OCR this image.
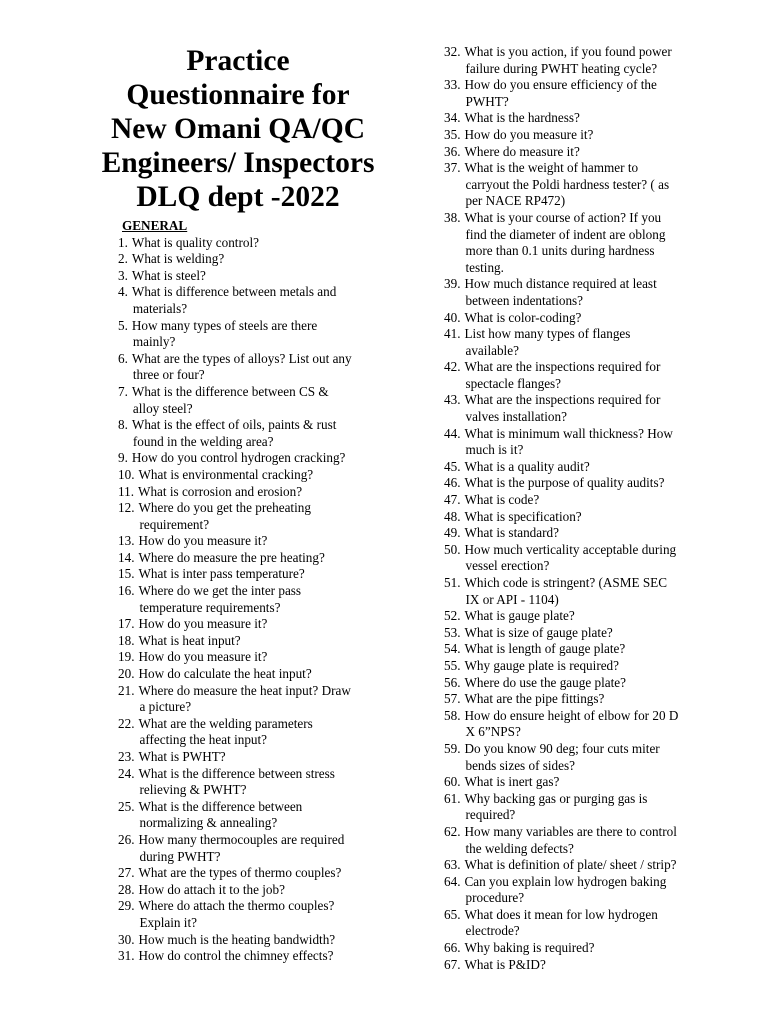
Practice
Questionnaire for
New Omani QA/QC
Engineers/ Inspectors
DLQ dept -2022
GENERAL
1. What is quality control?
2. What is welding?
3. What is steel?
4. What is difference between metals and
materials?
5. How many types of steels are there
mainly?
6. What are the types of alloys? List out any
three or four?
7. What is the difference between CS &
alloy steel?
8. What is the effect of oils, paints & rust
found in the welding area?
9. How do you control hydrogen cracking?
10. What is environmental cracking?
11. What is corrosion and erosion?
12. Where do you get the preheating
requirement?
13. How do you measure it?
14. Where do measure the pre heating?
15. What is inter pass temperature?
16. Where do we get the inter pass
temperature requirements?
17. How do you measure it?
18. What is heat input?
19. How do you measure it?
20. How do calculate the heat input?
21. Where do measure the heat input? Draw
a picture?
22. What are the welding parameters
affecting the heat input?
23. What is PWHT?
24. What is the difference between stress
relieving & PWHT?
25. What is the difference between
normalizing & annealing?
26. How many thermocouples are required
during PWHT?
27. What are the types of thermo couples?
28. How do attach it to the job?
29. Where do attach the thermo couples?
Explain it?
30. How much is the heating bandwidth?
31. How do control the chimney effects?
32. What is you action, if you found power
failure during PWHT heating cycle?
33. How do you ensure efficiency of the
PWHT?
34. What is the hardness?
35. How do you measure it?
36. Where do measure it?
37. What is the weight of hammer to
carryout the Poldi hardness tester? ( as
per NACE RP472)
38. What is your course of action? If you
find the diameter of indent are oblong
more than 0.1 units during hardness
testing.
39. How much distance required at least
between indentations?
40. What is color-coding?
41. List how many types of flanges
available?
42. What are the inspections required for
spectacle flanges?
43. What are the inspections required for
valves installation?
44. What is minimum wall thickness? How
much is it?
45. What is a quality audit?
46. What is the purpose of quality audits?
47. What is code?
48. What is specification?
49. What is standard?
50. How much verticality acceptable during
vessel erection?
51. Which code is stringent? (ASME SEC
IX or API - 1104)
52. What is gauge plate?
53. What is size of gauge plate?
54. What is length of gauge plate?
55. Why gauge plate is required?
56. Where do use the gauge plate?
57. What are the pipe fittings?
58. How do ensure height of elbow for 20 D
X 6”NPS?
59. Do you know 90 deg; four cuts miter
bends sizes of sides?
60. What is inert gas?
61. Why backing gas or purging gas is
required?
62. How many variables are there to control
the welding defects?
63. What is definition of plate/ sheet / strip?
64. Can you explain low hydrogen baking
procedure?
65. What does it mean for low hydrogen
electrode?
66. Why baking is required?
67. What is P&ID?
